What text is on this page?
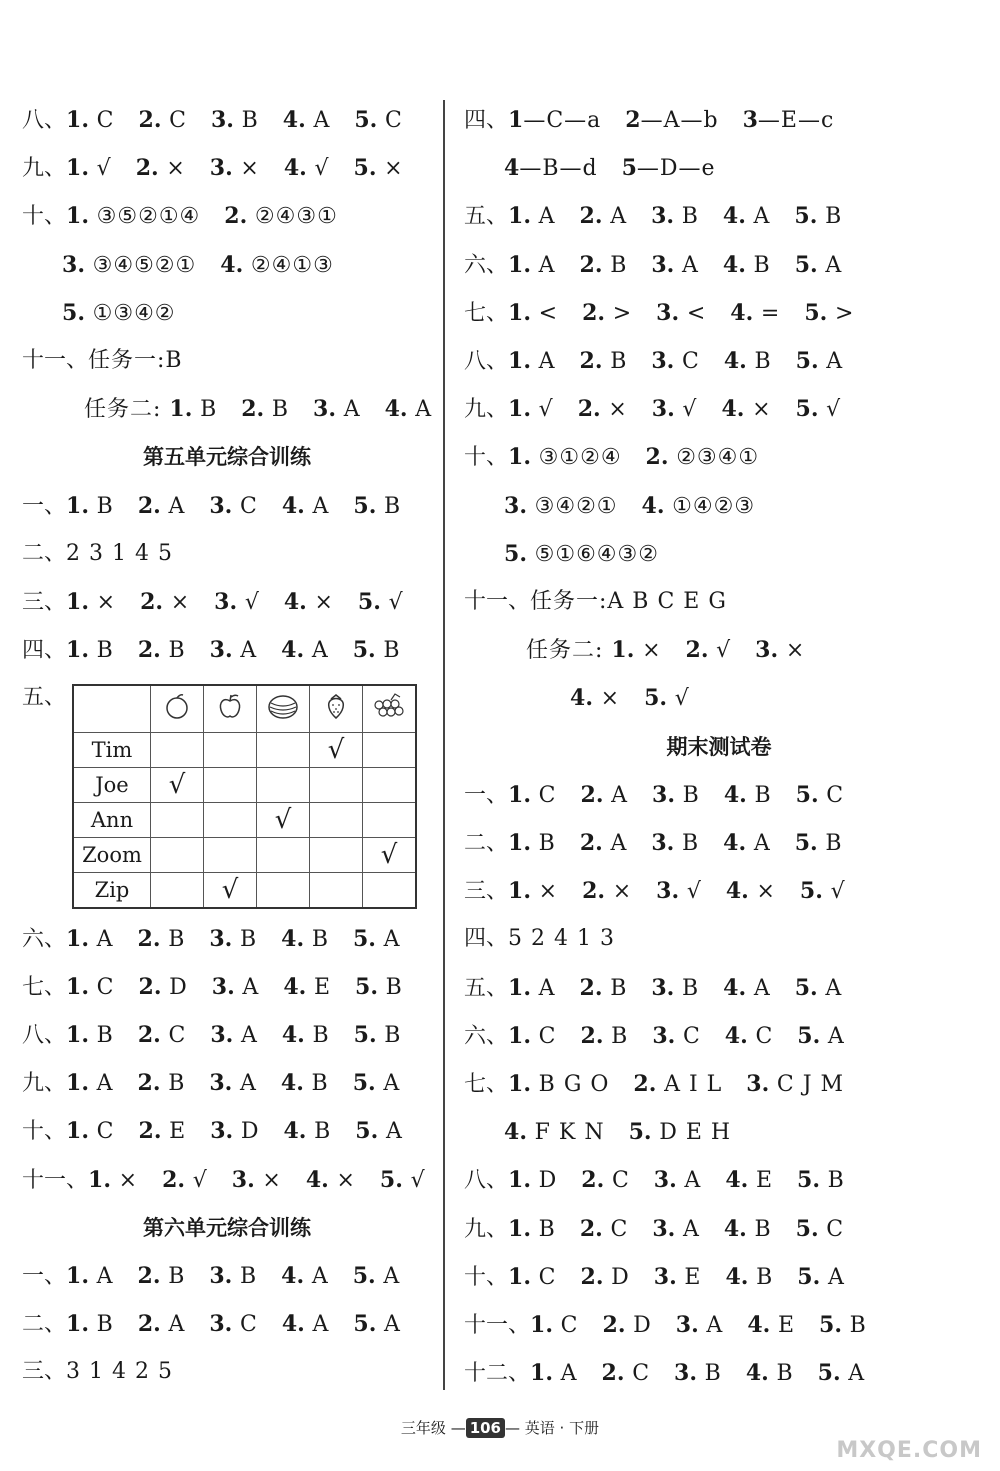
八、1 . C 2 . C 3 . B 4 . A 5 . C
九、1 . √ 2 . × 3 . × 4 . √ 5 . ×
十、1 . ③⑤②①④ 2 . ②④③①
3 . ③④⑤②① 4 . ②④①③
5 . ①③④②
十一、任务一:B
任务二: 1 . B 2 . B 3 . A 4 . A
第五单元综合训练
一、1 . B 2 . A 3 . C 4 . A 5 . B
二、2 3 1 4 5
三、1 . × 2 . × 3 . √ 4 . × 5 . √
四、1 . B 2 . B 3 . A 4 . A 5 . B
五、
六、1 . A 2 . B 3 . B 4 . B 5 . A
七、1 . C 2 . D 3 . A 4 . E 5 . B
八、1 . B 2 . C 3 . A 4 . B 5 . B
九、1 . A 2 . B 3 . A 4 . B 5 . A
十、1 . C 2 . E 3 . D 4 . B 5 . A
十一、1 . × 2 . √ 3 . × 4 . × 5 . √
第六单元综合训练
一、1 . A 2 . B 3 . B 4 . A 5 . A
二、1 . B 2 . A 3 . C 4 . A 5 . A
三、3 1 4 2 5
四、1—C—a 2—A—b 3—E—c
4—B—d 5—D—e
五、1 . A 2 . A 3 . B 4 . A 5 . B
六、1 . A 2 . B 3 . A 4 . B 5 . A
七、1 . < 2 . > 3 . < 4 . = 5 . >
八、1 . A 2 . B 3 . C 4 . B 5 . A
九、1 . √ 2 . × 3 . √ 4 . × 5 . √
十、1 . ③①②④ 2 . ②③④①
3 . ③④②① 4 . ①④②③
5 . ⑤①⑥④③②
十一、任务一:A B C E G
任务二: 1 . × 2 . √ 3 . ×
4 . × 5 . √
期末测试卷
一、1 . C 2 . A 3 . B 4 . B 5 . C
二、1 . B 2 . A 3 . B 4 . A 5 . B
三、1 . × 2 . × 3 . √ 4 . × 5 . √
四、5 2 4 1 3
五、1 . A 2 . B 3 . B 4 . A 5 . A
六、1 . C 2 . B 3 . C 4 . C 5 . A
七、1 . B G O 2 . A I L 3 . C J M
4 . F K N 5 . D E H
八、1 . D 2 . C 3 . A 4 . E 5 . B
九、1 . B 2 . C 3 . A 4 . B 5 . C
十、1 . C 2 . D 3 . E 4 . B 5 . A
十一、1 . C 2 . D 3 . A 4 . E 5 . B
十二、1 . A 2 . C 3 . B 4 . B 5 . A

Tim				√	
Joe	√				
Ann			√		
Zoom					√
Zip		√			
三年级 — 106 — 英语 · 下册
MXQE.COM
